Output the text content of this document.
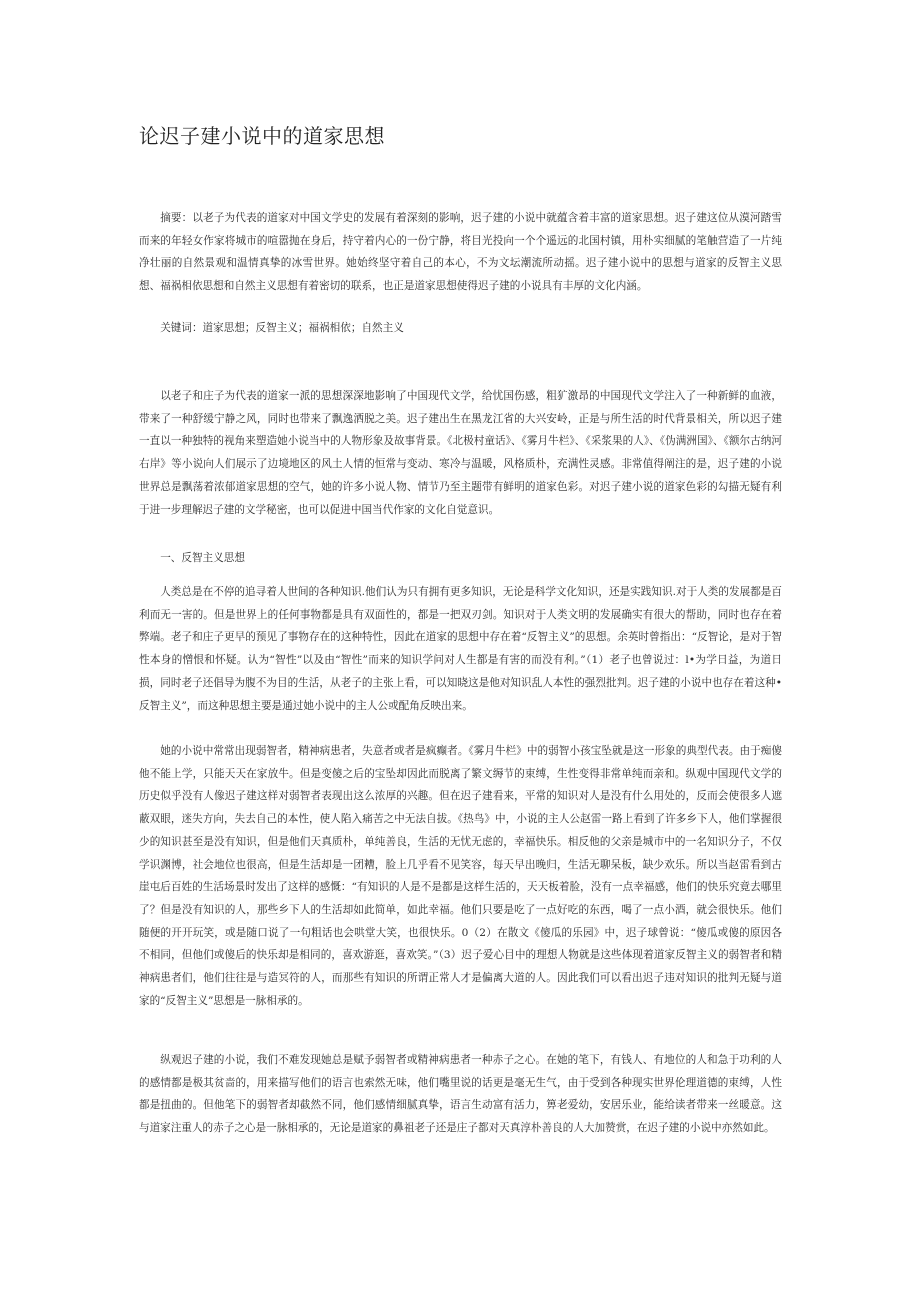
论迟子建小说中的道家思想

摘要：以老子为代表的道家对中国文学史的发展有着深刻的影响，迟子建的小说中就蕴含着丰富的道家思想。迟子建这位从漠河踏雪而来的年轻女作家将城市的喧嚣抛在身后，持守着内心的一份宁静，将目光投向一个个遥远的北国村镇，用朴实细腻的笔触营造了一片纯净壮丽的自然景观和温情真挚的冰雪世界。她始终坚守着自己的本心，不为文坛潮流所动摇。迟子建小说中的思想与道家的反智主义思想、福祸相依思想和自然主义思想有着密切的联系，也正是道家思想使得迟子建的小说具有丰厚的文化内涵。

关键词：道家思想；反智主义；福祸相依；自然主义

以老子和庄子为代表的道家一派的思想深深地影响了中国现代文学，给忧国伤感，粗犷激昂的中国现代文学注入了一种新鲜的血液，带来了一种舒缓宁静之风，同时也带来了飘逸洒脱之美。迟子建出生在黑龙江省的大兴安岭，正是与所生活的时代背景相关，所以迟子建一直以一种独特的视角来塑造她小说当中的人物形象及故事背景。《北极村童话》、《雾月牛栏》、《采浆果的人》、《伪满洲国》、《额尔古纳河右岸》等小说向人们展示了边境地区的风土人情的恒常与变动、寒冷与温暖，风格质朴，充满性灵感。非常值得阐注的是，迟子建的小说世界总是飘荡着浓郁道家思想的空气，她的许多小说人物、情节乃至主题带有鲜明的道家色彩。对迟子建小说的道家色彩的勾描无疑有利于进一步理解迟子建的文学秘密，也可以促进中国当代作家的文化自觉意识。

一、反智主义思想

人类总是在不停的追寻着人世间的各种知识.他们认为只有拥有更多知识，无论是科学文化知识，还是实践知识.对于人类的发展都是百利而无一害的。但是世界上的任何事物都是具有双面性的，都是一把双刃剑。知识对于人类文明的发展确实有很大的帮助，同时也存在着弊端。老子和庄子更早的预见了事物存在的这种特性，因此在道家的思想中存在着“反智主义”的思想。余英时曾指出：“反智论，是对于智性本身的憎恨和怀疑。认为“智性”以及由“智性”而来的知识学问对人生都是有害的而没有利。”（1）老子也曾说过：l•为学日益，为道日损，同时老子还倡导为腹不为目的生活，从老子的主张上看，可以知晓这是他对知识乱人本性的强烈批判。迟子建的小说中也存在着这种•反智主义”，而这种思想主要是通过她小说中的主人公或配角反映出来。

她的小说中常常出现弱智者，精神病患者，失意者或者是疯癫者。《雾月牛栏》中的弱智小孩宝坠就是这一形象的典型代表。由于痴傻他不能上学，只能天天在家放牛。但是变傻之后的宝坠却因此而脱离了繁文缛节的束缚，生性变得非常单纯而亲和。纵观中国现代文学的历史似乎没有人像迟子建这样对弱智者表现出这么浓厚的兴趣。但在迟子建看来，平常的知识对人是没有什么用处的，反而会使很多人遮蔽双眼，迷失方向，失去自己的本性，使人陷入痛苦之中无法自拔。《热鸟》中，小说的主人公赵雷一路上看到了许多乡下人，他们掌握很少的知识甚至是没有知识，但是他们天真质朴，单纯善良，生活的无忧无虑的，幸福快乐。相反他的父亲是城市中的一名知识分子，不仅学识渊博，社会地位也很高，但是生活却是一团糟，脸上几乎看不见笑容，每天早出晚归，生活无聊呆板，缺少欢乐。所以当赵雷看到古崖屯后百姓的生活场景时发出了这样的感慨：“有知识的人是不是都是这样生活的，天天板着脸，没有一点幸福感，他们的快乐究竟去哪里了？但是没有知识的人，那些乡下人的生活却如此简单，如此幸福。他们只要是吃了一点好吃的东西，喝了一点小酒，就会很快乐。他们随便的开开玩笑，或是随口说了一句粗话也会哄堂大笑，也很快乐。0（2）在散文《傻瓜的乐园》中，迟子球曾说：“傻瓜或傻的原因各不相同，但他们或傻后的快乐却是相同的，喜欢游逛，喜欢笑。”（3）迟子爱心目中的理想人物就是这些体现着道家反智主义的弱智者和精神病患者们，他们往往是与造冥符的人，而那些有知识的所谓正常人才是偏离大道的人。因此我们可以看出迟子违对知识的批判无疑与道家的“反智主义”思想是一脉相承的。

纵观迟子建的小说，我们不难发现她总是赋予弱智者或精神病患者一种赤子之心。在她的笔下，有钱人、有地位的人和急于功利的人的感情都是极其贫啬的，用来描写他们的语言也索然无味，他们嘴里说的话更是毫无生气，由于受到各种现实世界伦理道德的束缚，人性都是扭曲的。但他笔下的弱智者却截然不同，他们感情细腻真挚，语言生动富有活力，箅老爱幼，安居乐业，能给读者带来一丝暖意。这与道家注重人的赤子之心是一脉相承的，无论是道家的鼻祖老子还是庄子都对天真淳朴善良的人大加赞赏，在迟子建的小说中亦然如此。
